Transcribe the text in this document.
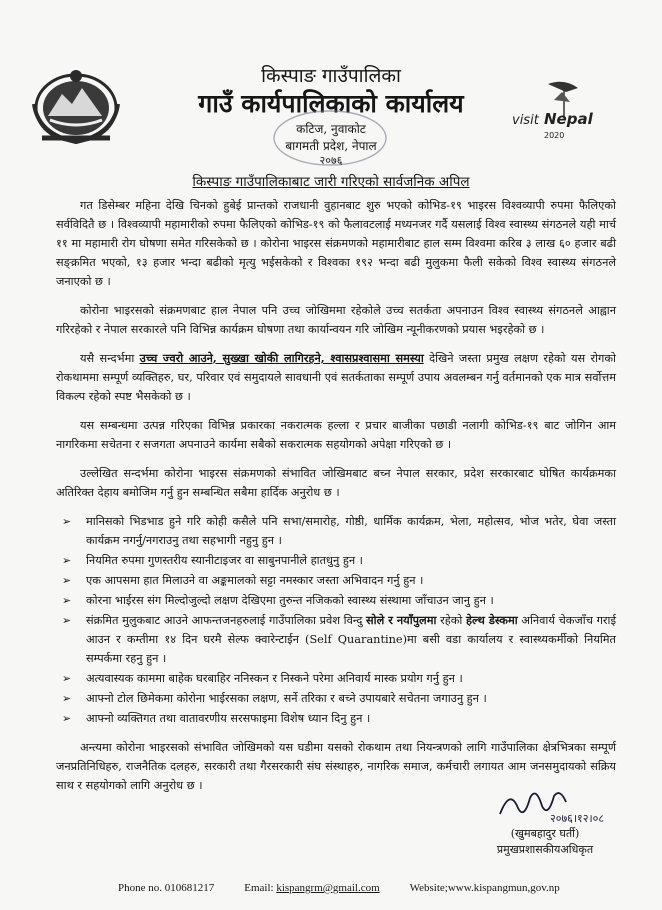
किस्पाङ गाउँपालिका
गाउँ कार्यपालिकाको कार्यालय
कटिज, नुवाकोट
बागमती प्रदेश, नेपाल
२०७६
visit Nepal
2020
किस्पाङ गाउँपालिकाबाट जारी गरिएको सार्वजनिक अपिल

गत डिसेम्बर महिना देखि चिनको हुबेई प्रान्तको राजधानी वुहानबाट शुरु भएको कोभिड-१९ भाइरस विश्वव्यापी रुपमा फैलिएको सर्वविदितै छ । विश्वव्यापी महामारीको रुपमा फैलिएको कोभिड-१९ को फैलावटलाई मध्यनजर गर्दै यसलाई विश्व स्वास्थ्य संगठनले यही मार्च ११ मा महामारी रोग घोषणा समेत गरिसकेको छ । कोरोना भाइरस संक्रमणको महामारीबाट हाल सम्म विश्वमा करिब ३ लाख ६० हजार बढी सङ्क्रमित भएको, १३ हजार भन्दा बढीको मृत्यु भईसकेको र विश्वका १९२ भन्दा बढी मुलुकमा फैली सकेको विश्व स्वास्थ्य संगठनले जनाएको छ ।

कोरोना भाइरसको संक्रमणबाट हाल नेपाल पनि उच्च जोखिममा रहेकोले उच्च सतर्कता अपनाउन विश्व स्वास्थ्य संगठनले आह्वान गरिरहेको र नेपाल सरकारले पनि विभिन्न कार्यक्रम घोषणा तथा कार्यान्वयन गरि जोखिम न्यूनीकरणको प्रयास भइरहेको छ ।

यसै सन्दर्भमा उच्च ज्वरो आउने, सुख्खा खोकी लागिरहने, श्वासप्रश्वासमा समस्या देखिने जस्ता प्रमुख लक्षण रहेको यस रोगको रोकथाममा सम्पूर्ण व्यक्तिहरु, घर, परिवार एवं समुदायले सावधानी एवं सतर्कताका सम्पूर्ण उपाय अवलम्बन गर्नु वर्तमानको एक मात्र सर्वोत्तम विकल्प रहेको स्पष्ट भैसकेको छ ।

यस सम्बन्धमा उत्पन्न गरिएका विभिन्न प्रकारका नकरात्मक हल्ला र प्रचार बाजीका पछाडी नलागी कोभिड-१९ बाट जोगिन आम नागरिकमा सचेतना र सजगता अपनाउने कार्यमा सबैको सकरात्मक सहयोगको अपेक्षा गरिएको छ ।

उल्लेखित सन्दर्भमा कोरोना भाइरस संक्रमणको संभावित जोखिमबाट बच्न नेपाल सरकार, प्रदेश सरकारबाट घोषित कार्यक्रमका अतिरिक्त देहाय बमोजिम गर्नु हुन सम्बन्धित सबैमा हार्दिक अनुरोध छ ।

➢ मानिसको भिडभाड हुने गरि कोही कसैले पनि सभा/समारोह, गोष्ठी, धार्मिक कार्यक्रम, भेला, महोत्सव, भोज भतेर, घेवा जस्ता कार्यक्रम नगर्नु/नगराउनु तथा सहभागी नहुनु हुन ।
➢ नियमित रुपमा गुणस्तरीय स्यानीटाइजर वा साबुनपानीले हातधुनु हुन ।
➢ एक आपसमा हात मिलाउने वा अङ्कमालको सट्टा नमस्कार जस्ता अभिवादन गर्नु हुन ।
➢ कोरना भाईरस संग मिल्दोजुल्दो लक्षण देखिएमा तुरुन्त नजिकको स्वास्थ्य संस्थामा जाँचाउन जानु हुन ।
➢ संक्रमित मुलुकबाट आउने आफन्तजनहरुलाई गाउँपालिका प्रवेश विन्दु सोले र नयाँपुलमा रहेको हेल्थ डेस्कमा अनिवार्य चेकजाँच गराई आउन र कम्तीमा १४ दिन घरमै सेल्फ क्वारेन्टाईन (Self Quarantine)मा बसी वडा कार्यालय र स्वास्थ्यकर्मीको नियमित सम्पर्कमा रहनु हुन ।
➢ अत्यवास्यक काममा बाहेक घरबाहिर ननिस्कन र निस्कने परेमा अनिवार्य मास्क प्रयोग गर्नु हुन ।
➢ आफ्नो टोल छिमेकमा कोरोना भाईरसका लक्षण, सर्ने तरिका र बच्ने उपायबारे सचेतना जगाउनु हुन ।
➢ आफ्नो व्यक्तिगत तथा वातावरणीय सरसफाइमा विशेष ध्यान दिनु हुन ।

अन्त्यमा कोरोना भाइरसको संभावित जोखिमको यस घडीमा यसको रोकथाम तथा नियन्त्रणको लागि गाउँपालिका क्षेत्रभित्रका सम्पूर्ण जनप्रतिनिधिहरु, राजनैतिक दलहरु, सरकारी तथा गैरसरकारी संघ संस्थाहरु, नागरिक समाज, कर्मचारी लगायत आम जनसमुदायको सक्रिय साथ र सहयोगको लागि अनुरोध छ ।

२०७६।१२।०८
(खुमबहादुर घर्ती)
प्रमुखप्रशासकीयअधिकृत
Phone no. 010681217	Email: kispangrm@gmail.com	Website;www.kispangmun,gov.np
